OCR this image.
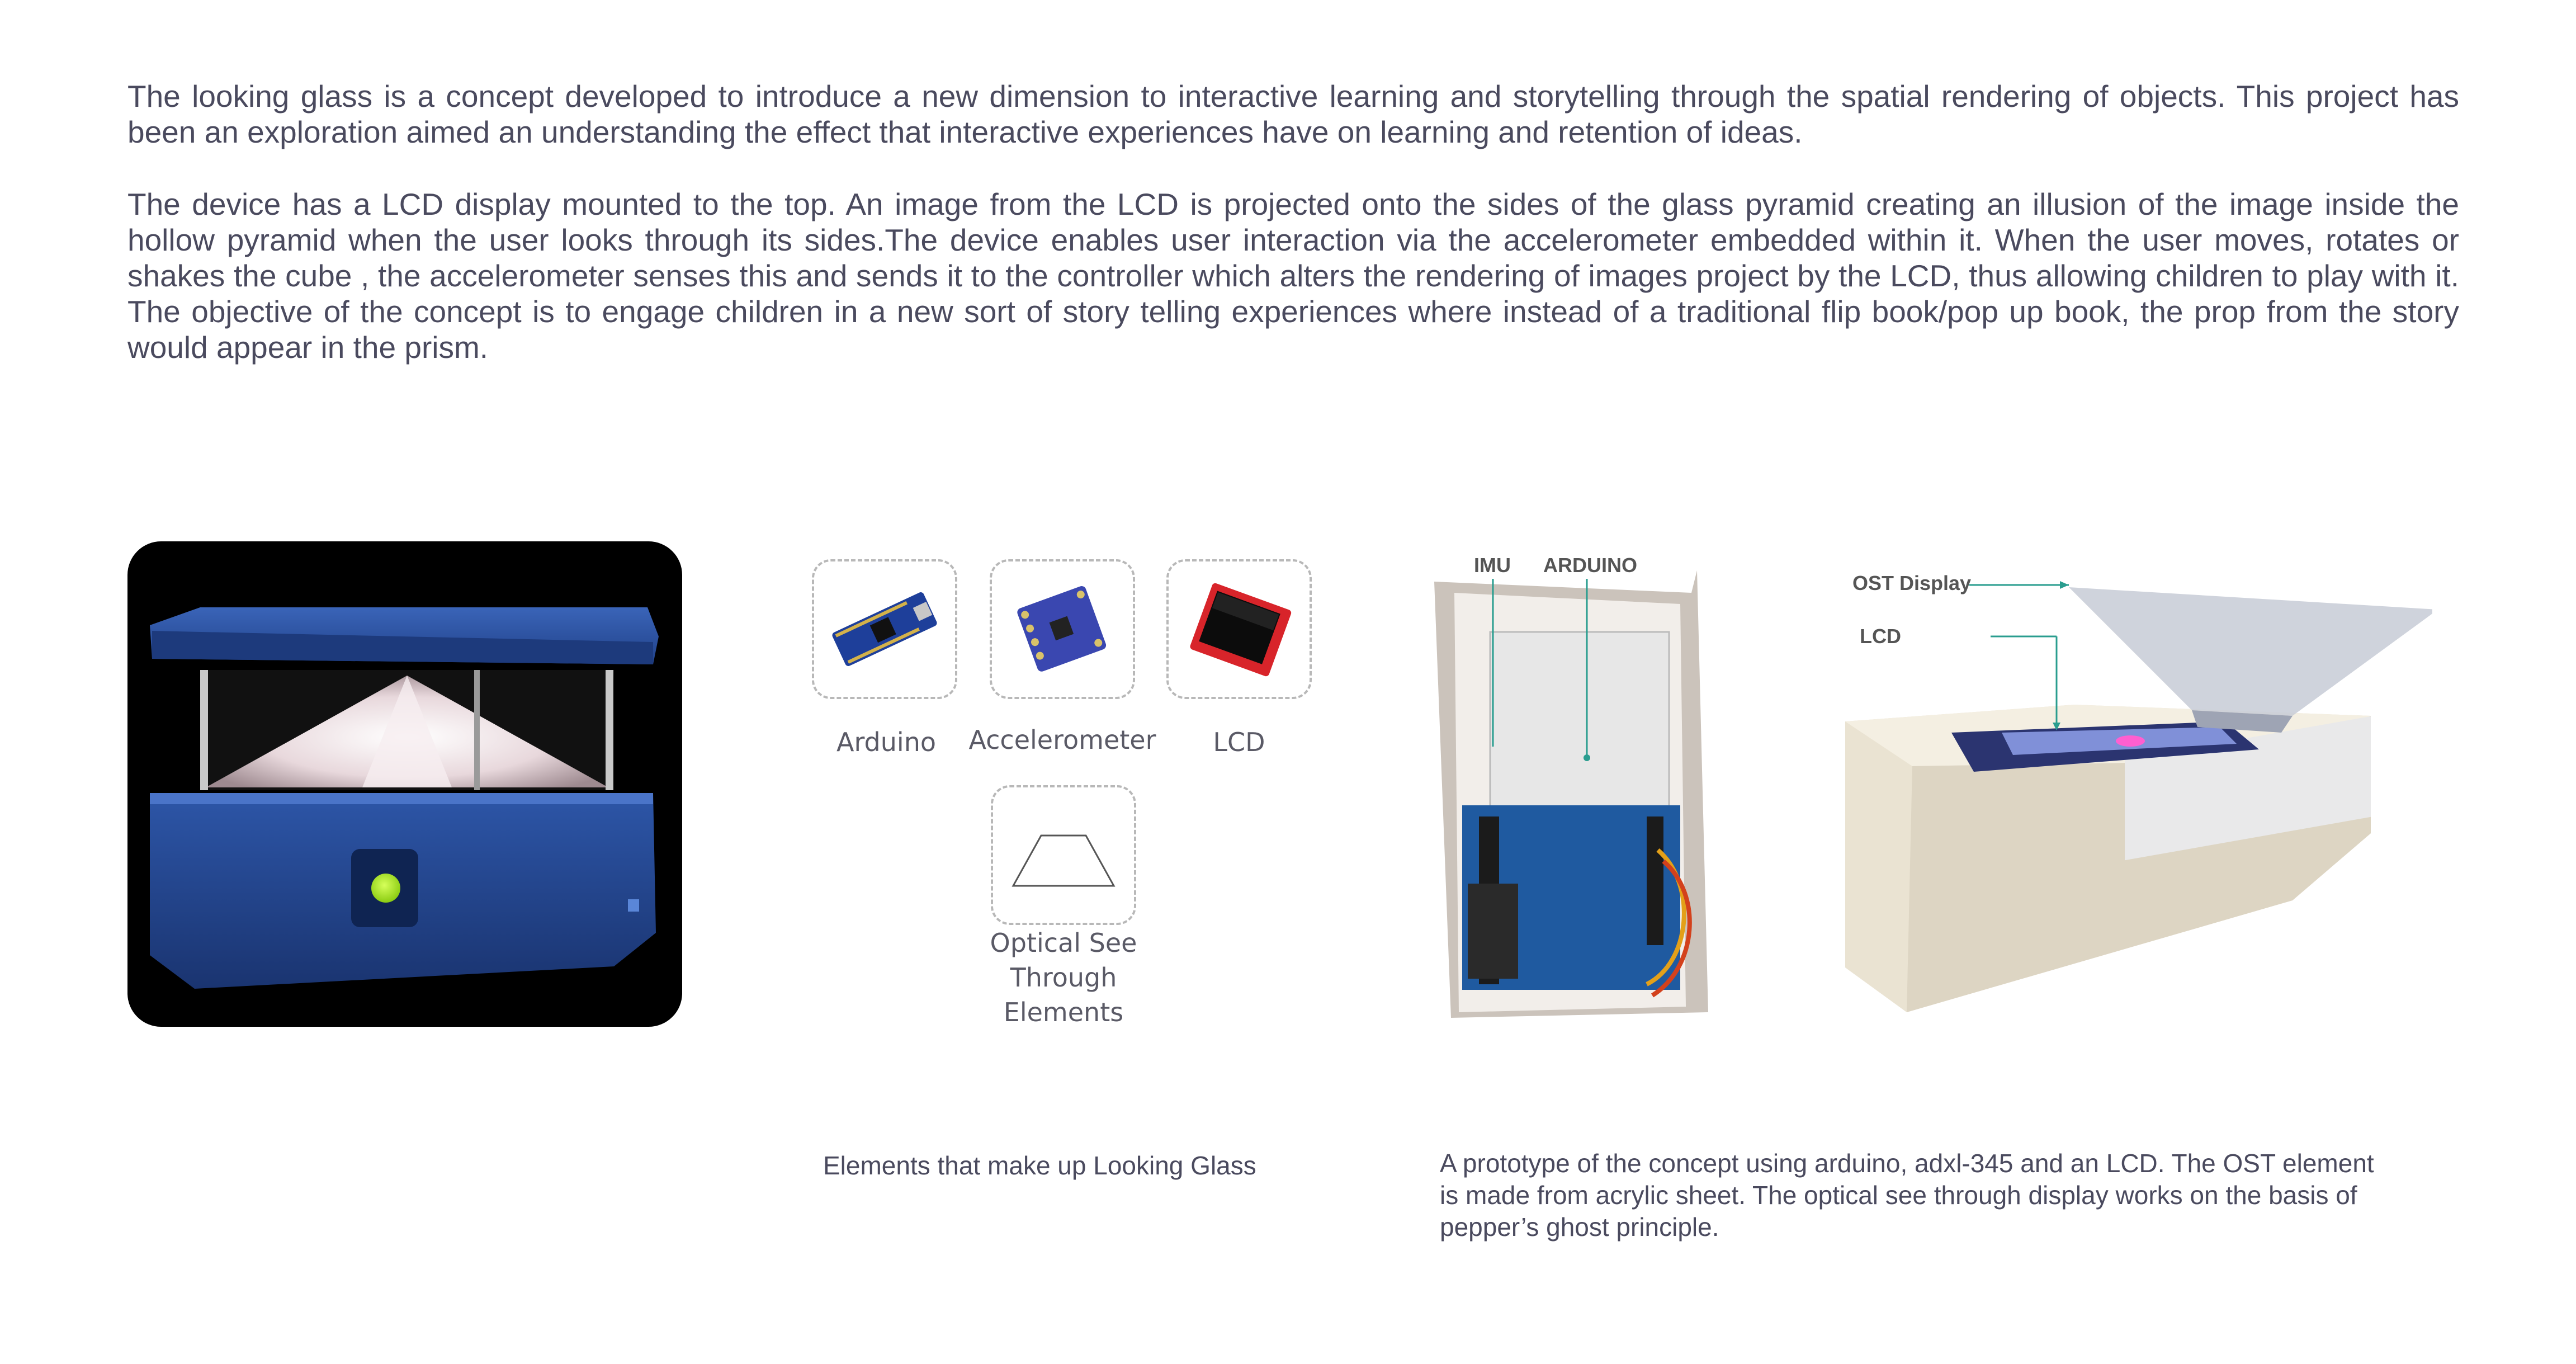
The looking glass is a concept developed to introduce a new dimension to interactive learning and storytelling through the spatial rendering of objects. This project has been an exploration aimed an understanding the effect that interactive experiences have on learning and retention of ideas.

The device has a LCD display mounted to the top. An image from the LCD is projected onto the sides of the glass pyramid creating an illusion of the image inside the hollow pyramid when the user looks through its sides.The device enables user interaction via the accelerometer embedded within it. When the user moves, rotates or shakes the cube , the accelerometer senses this and sends it to the controller which alters the rendering of images project by the LCD, thus allowing children to play with it. The objective of the concept is to engage children in a new sort of story telling experiences where instead of a traditional flip book/pop up book, the prop from the story would appear in the prism.

Arduino	Accelerometer	LCD
Optical See Through
Elements

Elements that make up Looking Glass

IMU ARDUINO
OST Display
LCD
A prototype of the concept using arduino, adxl-345 and an LCD. The OST element
is made from acrylic sheet. The optical see through display works on the basis of
pepper’s ghost principle.
